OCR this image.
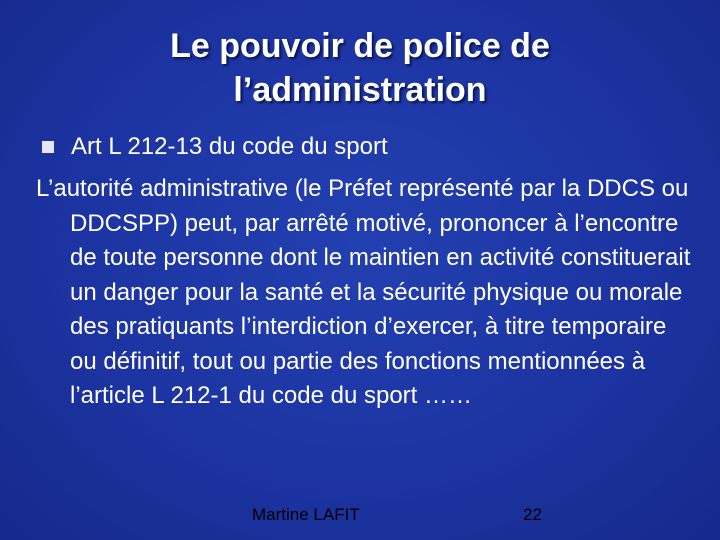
Le pouvoir de police de l’administration
Art L 212-13 du code du sport
L’autorité administrative (le Préfet représenté par la DDCS ou DDCSPP) peut, par arrêté motivé, prononcer à l’encontre de toute personne dont le maintien en activité constituerait un danger pour la santé et la sécurité physique ou morale des pratiquants l’interdiction d’exercer, à titre temporaire ou définitif, tout ou partie des fonctions mentionnées à l’article L 212-1 du code du sport ……
Martine LAFIT	22
